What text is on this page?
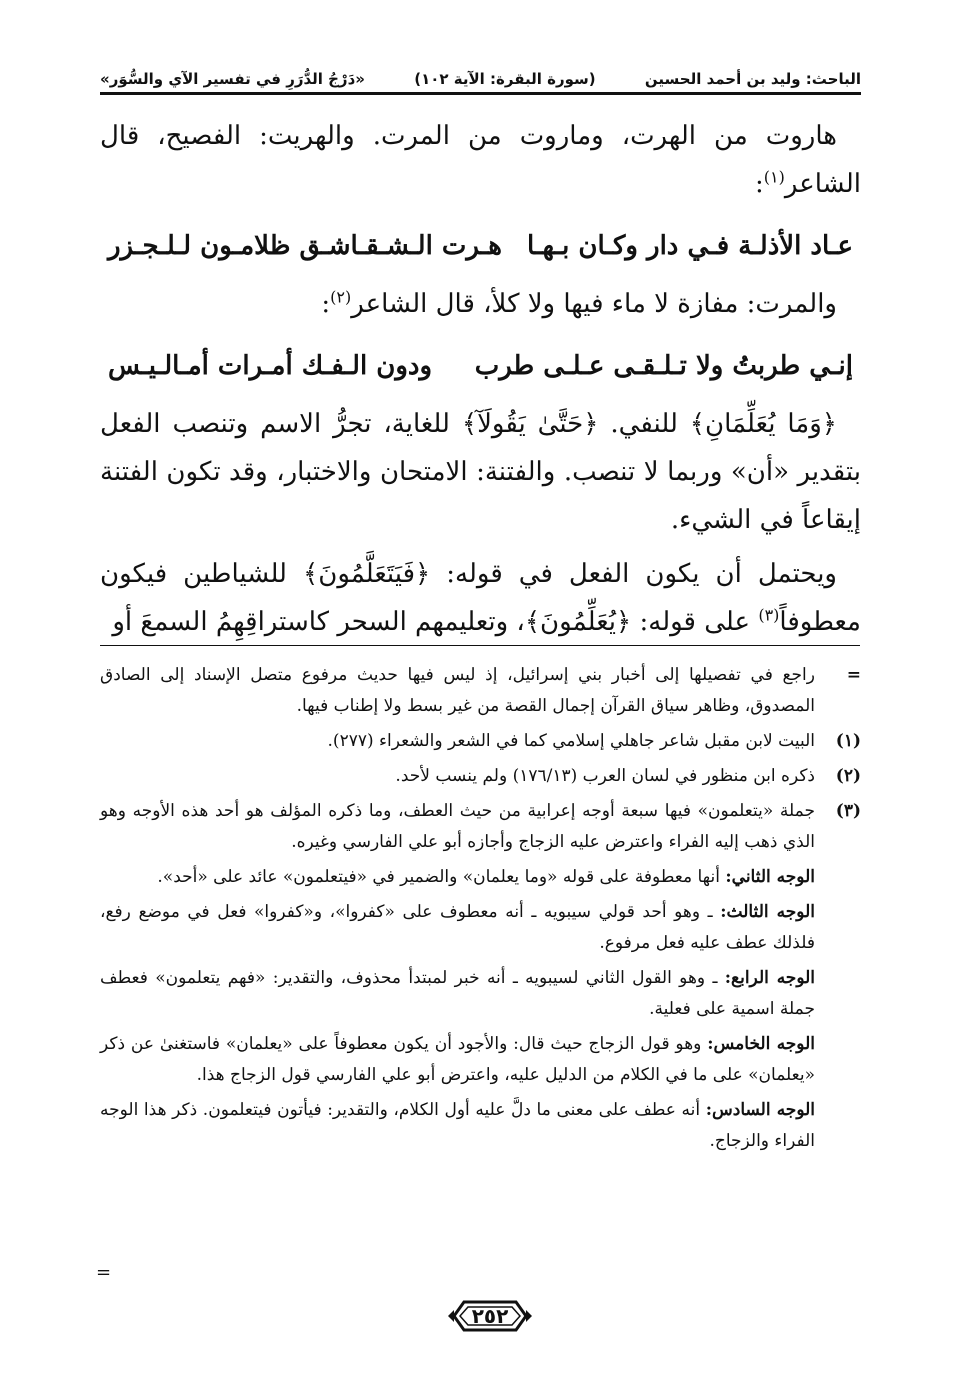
الباحث: وليد بن أحمد الحسين
(سورة البقرة: الآية ١٠٢)
«دَرْجُ الدُّرَرِ في تفسير الآي والسُّوَر»

هاروت من الهرت، وماروت من المرت. والهريت: الفصيح، قال الشاعر$^{(١)}$:

عـاد الأذلـة فـي دار وكـان بـهـا
هـرت الـشـقـاشـق ظلامـون لـلـجـزر

والمرت: مفازة لا ماء فيها ولا كلأ، قال الشاعر$^{(٢)}$:

إنـي طربتُ ولا تـلـقـى عـلـى طرب
ودون الـفـك أمـرات أمـالـيـس

﴿وَمَا يُعَلِّمَانِ﴾ للنفي. ﴿حَتَّىٰ يَقُولَآ﴾ للغاية، تجرُّ الاسم وتنصب الفعل بتقدير «أن» وربما لا تنصب. والفتنة: الامتحان والاختبار، وقد تكون الفتنة إيقاعاً في الشيء.

ويحتمل أن يكون الفعل في قوله: ﴿فَيَتَعَلَّمُونَ﴾ للشياطين فيكون معطوفاً$^{(٣)}$ على قوله: ﴿يُعَلِّمُونَ﴾، وتعليمهم السحر كاستراقِهِمُ السمعَ أو

=
راجع في تفصيلها إلى أخبار بني إسرائيل، إذ ليس فيها حديث مرفوع متصل الإسناد إلى الصادق المصدوق، وظاهر سياق القرآن إجمال القصة من غير بسط ولا إطناب فيها.
(١)
البيت لابن مقبل شاعر جاهلي إسلامي كما في الشعر والشعراء (٢٧٧).
(٢)
ذكره ابن منظور في لسان العرب (١٧٦/١٣) ولم ينسب لأحد.
(٣)
جملة «يتعلمون» فيها سبعة أوجه إعرابية من حيث العطف، وما ذكره المؤلف هو أحد هذه الأوجه وهو الذي ذهب إليه الفراء واعترض عليه الزجاج وأجازه أبو علي الفارسي وغيره.
الوجه الثاني: أنها معطوفة على قوله «وما يعلمان» والضمير في «فيتعلمون» عائد على «أحد».
الوجه الثالث: ـ وهو أحد قولي سيبويه ـ أنه معطوف على «كفروا»، و«كفروا» فعل في موضع رفع، فلذلك عطف عليه فعل مرفوع.
الوجه الرابع: ـ وهو القول الثاني لسيبويه ـ أنه خبر لمبتدأ محذوف، والتقدير: «فهم يتعلمون» فعطف جملة اسمية على فعلية.
الوجه الخامس: وهو قول الزجاج حيث قال: والأجود أن يكون معطوفاً على «يعلمان» فاستغنىٰ عن ذكر «يعلمان» على ما في الكلام من الدليل عليه، واعترض أبو علي الفارسي قول الزجاج هذا.
الوجه السادس: أنه عطف على معنى ما دلَّ عليه أول الكلام، والتقدير: فيأتون فيتعلمون. ذكر هذا الوجه الفراء والزجاج.
=
٢٥٢
